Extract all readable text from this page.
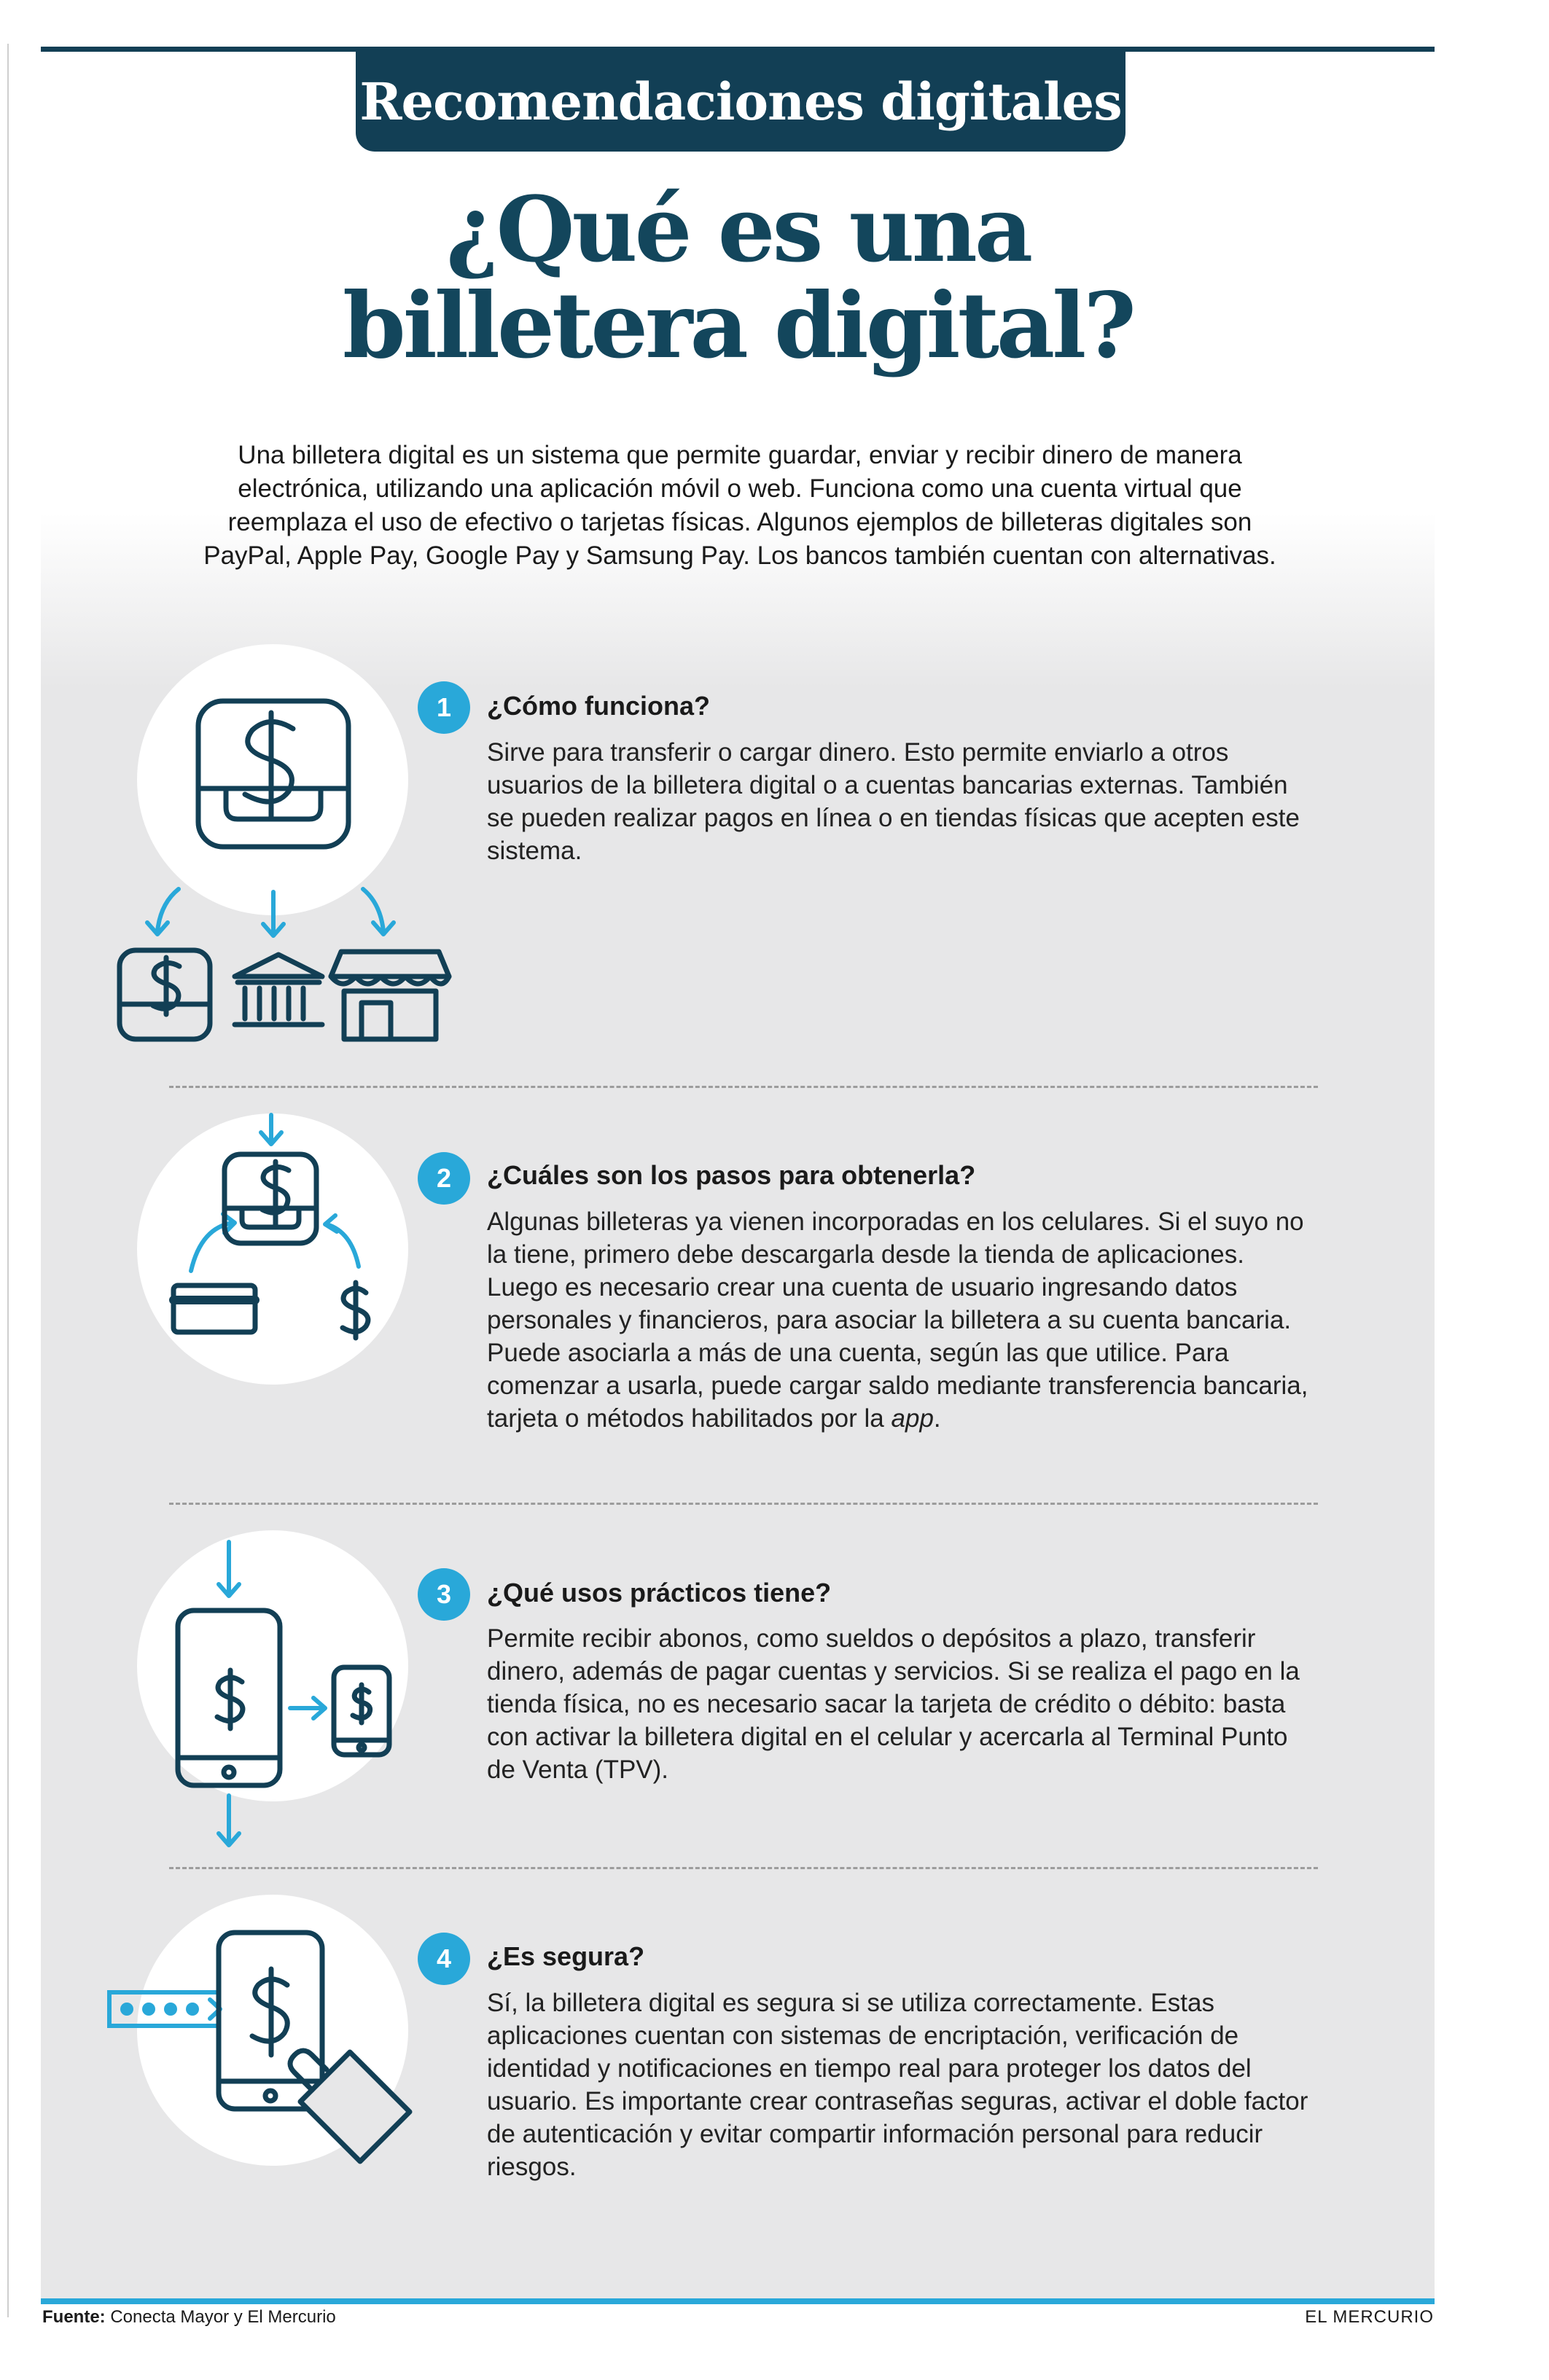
Recomendaciones digitales
¿Qué es una
billetera digital?

Una billetera digital es un sistema que permite guardar, enviar y recibir dinero de manera electrónica, utilizando una aplicación móvil o web. Funciona como una cuenta virtual que reemplaza el uso de efectivo o tarjetas físicas. Algunos ejemplos de billeteras digitales son PayPal, Apple Pay, Google Pay y Samsung Pay. Los bancos también cuentan con alternativas.

1	¿Cómo funciona?

Sirve para transferir o cargar dinero. Esto permite enviarlo a otros usuarios de la billetera digital o a cuentas bancarias externas. También se pueden realizar pagos en línea o en tiendas físicas que acepten este sistema.

2	¿Cuáles son los pasos para obtenerla?

Algunas billeteras ya vienen incorporadas en los celulares. Si el suyo no la tiene, primero debe descargarla desde la tienda de aplicaciones. Luego es necesario crear una cuenta de usuario ingresando datos personales y financieros, para asociar la billetera a su cuenta bancaria. Puede asociarla a más de una cuenta, según las que utilice. Para comenzar a usarla, puede cargar saldo mediante transferencia bancaria, tarjeta o métodos habilitados por la app.

3	¿Qué usos prácticos tiene?

Permite recibir abonos, como sueldos o depósitos a plazo, transferir dinero, además de pagar cuentas y servicios. Si se realiza el pago en la tienda física, no es necesario sacar la tarjeta de crédito o débito: basta con activar la billetera digital en el celular y acercarla al Terminal Punto de Venta (TPV).

4	¿Es segura?

Sí, la billetera digital es segura si se utiliza correctamente. Estas aplicaciones cuentan con sistemas de encriptación, verificación de identidad y notificaciones en tiempo real para proteger los datos del usuario. Es importante crear contraseñas seguras, activar el doble factor de autenticación y evitar compartir información personal para reducir riesgos.

Fuente: Conecta Mayor y El Mercurio	EL MERCURIO
